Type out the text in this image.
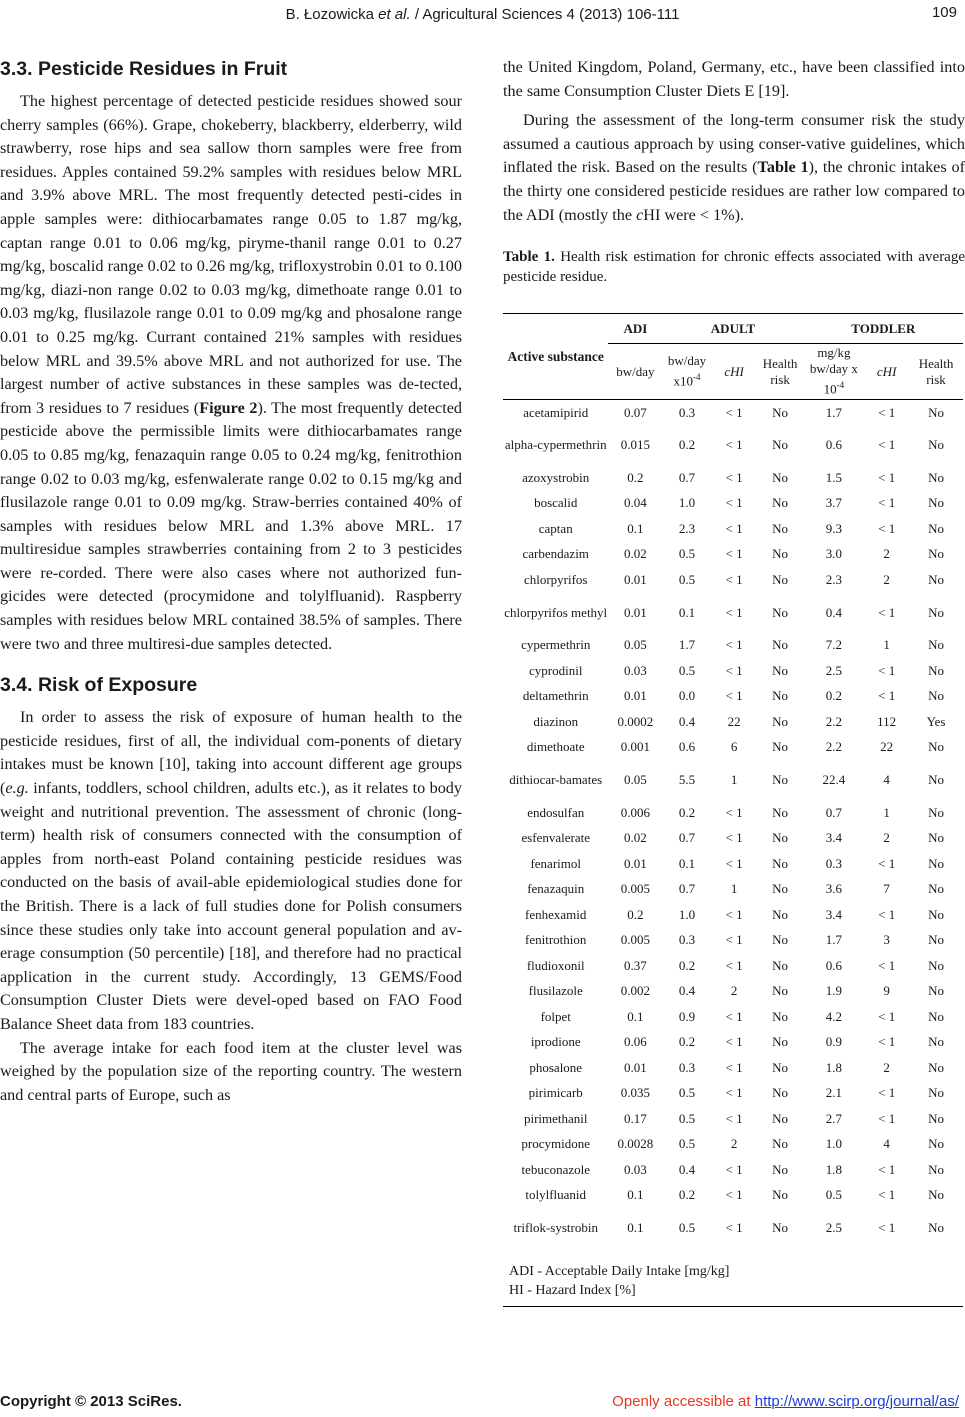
B. Łozowicka et al. / Agricultural Sciences 4 (2013) 106-111	109
3.3. Pesticide Residues in Fruit

The highest percentage of detected pesticide residues showed sour cherry samples (66%). Grape, chokeberry, blackberry, elderberry, wild strawberry, rose hips and sea sallow thorn samples were free from residues. Apples contained 59.2% samples with residues below MRL and 3.9% above MRL. The most frequently detected pesti-cides in apple samples were: dithiocarbamates range 0.05 to 1.87 mg/kg, captan range 0.01 to 0.06 mg/kg, piryme-thanil range 0.01 to 0.27 mg/kg, boscalid range 0.02 to 0.26 mg/kg, trifloxystrobin 0.01 to 0.100 mg/kg, diazi-non range 0.02 to 0.03 mg/kg, dimethoate range 0.01 to 0.03 mg/kg, flusilazole range 0.01 to 0.09 mg/kg and phosalone range 0.01 to 0.25 mg/kg. Currant contained 21% samples with residues below MRL and 39.5% above MRL and not authorized for use. The largest number of active substances in these samples was de-tected, from 3 residues to 7 residues (Figure 2). The most frequently detected pesticide above the permissible limits were dithiocarbamates range 0.05 to 0.85 mg/kg, fenazaquin range 0.05 to 0.24 mg/kg, fenitrothion range 0.02 to 0.03 mg/kg, esfenwalerate range 0.02 to 0.15 mg/kg and flusilazole range 0.01 to 0.09 mg/kg. Straw-berries contained 40% of samples with residues below MRL and 1.3% above MRL. 17 multiresidue samples strawberries containing from 2 to 3 pesticides were re-corded. There were also cases where not authorized fun-gicides were detected (procymidone and tolylfluanid). Raspberry samples with residues below MRL contained 38.5% of samples. There were two and three multiresi-due samples detected.

3.4. Risk of Exposure

In order to assess the risk of exposure of human health to the pesticide residues, first of all, the individual com-ponents of dietary intakes must be known [10], taking into account different age groups (e.g. infants, toddlers, school children, adults etc.), as it relates to body weight and nutritional prevention. The assessment of chronic (long-term) health risk of consumers connected with the consumption of apples from north-east Poland containing pesticide residues was conducted on the basis of avail-able epidemiological studies done for the British. There is a lack of full studies done for Polish consumers since these studies only take into account general population and av-erage consumption (50 percentile) [18], and therefore had no practical application in the current study. Accordingly, 13 GEMS/Food Consumption Cluster Diets were devel-oped based on FAO Food Balance Sheet data from 183 countries.

The average intake for each food item at the cluster level was weighed by the population size of the reporting country. The western and central parts of Europe, such as

the United Kingdom, Poland, Germany, etc., have been classified into the same Consumption Cluster Diets E [19].

During the assessment of the long-term consumer risk the study assumed a cautious approach by using conser-vative guidelines, which inflated the risk. Based on the results (Table 1), the chronic intakes of the thirty one considered pesticide residues are rather low compared to the ADI (mostly the cHI were < 1%).

Table 1. Health risk estimation for chronic effects associated with average pesticide residue.

Active substance	ADI	ADULT			TODDLER		
	bw/day	bw/day $x10^{-4}$	cHI	Health risk	mg/kg bw/day x $10^{-4}$	cHI	Health risk
acetamipirid	0.07	0.3	< 1	No	1.7	< 1	No
alpha-cypermethrin	0.015	0.2	< 1	No	0.6	< 1	No
azoxystrobin	0.2	0.7	< 1	No	1.5	< 1	No
boscalid	0.04	1.0	< 1	No	3.7	< 1	No
captan	0.1	2.3	< 1	No	9.3	< 1	No
carbendazim	0.02	0.5	< 1	No	3.0	2	No
chlorpyrifos	0.01	0.5	< 1	No	2.3	2	No
chlorpyrifos methyl	0.01	0.1	< 1	No	0.4	< 1	No
cypermethrin	0.05	1.7	< 1	No	7.2	1	No
cyprodinil	0.03	0.5	< 1	No	2.5	< 1	No
deltamethrin	0.01	0.0	< 1	No	0.2	< 1	No
diazinon	0.0002	0.4	22	No	2.2	112	Yes
dimethoate	0.001	0.6	6	No	2.2	22	No
dithiocar-bamates	0.05	5.5	1	No	22.4	4	No
endosulfan	0.006	0.2	< 1	No	0.7	1	No
esfenvalerate	0.02	0.7	< 1	No	3.4	2	No
fenarimol	0.01	0.1	< 1	No	0.3	< 1	No
fenazaquin	0.005	0.7	1	No	3.6	7	No
fenhexamid	0.2	1.0	< 1	No	3.4	< 1	No
fenitrothion	0.005	0.3	< 1	No	1.7	3	No
fludioxonil	0.37	0.2	< 1	No	0.6	< 1	No
flusilazole	0.002	0.4	2	No	1.9	9	No
folpet	0.1	0.9	< 1	No	4.2	< 1	No
iprodione	0.06	0.2	< 1	No	0.9	< 1	No
phosalone	0.01	0.3	< 1	No	1.8	2	No
pirimicarb	0.035	0.5	< 1	No	2.1	< 1	No
pirimethanil	0.17	0.5	< 1	No	2.7	< 1	No
procymidone	0.0028	0.5	2	No	1.0	4	No
tebuconazole	0.03	0.4	< 1	No	1.8	< 1	No
tolylfluanid	0.1	0.2	< 1	No	0.5	< 1	No
triflok-systrobin	0.1	0.5	< 1	No	2.5	< 1	No

ADI - Acceptable Daily Intake [mg/kg]
HI - Hazard Index [%]							
Copyright © 2013 SciRes.	Openly accessible at http://www.scirp.org/journal/as/
